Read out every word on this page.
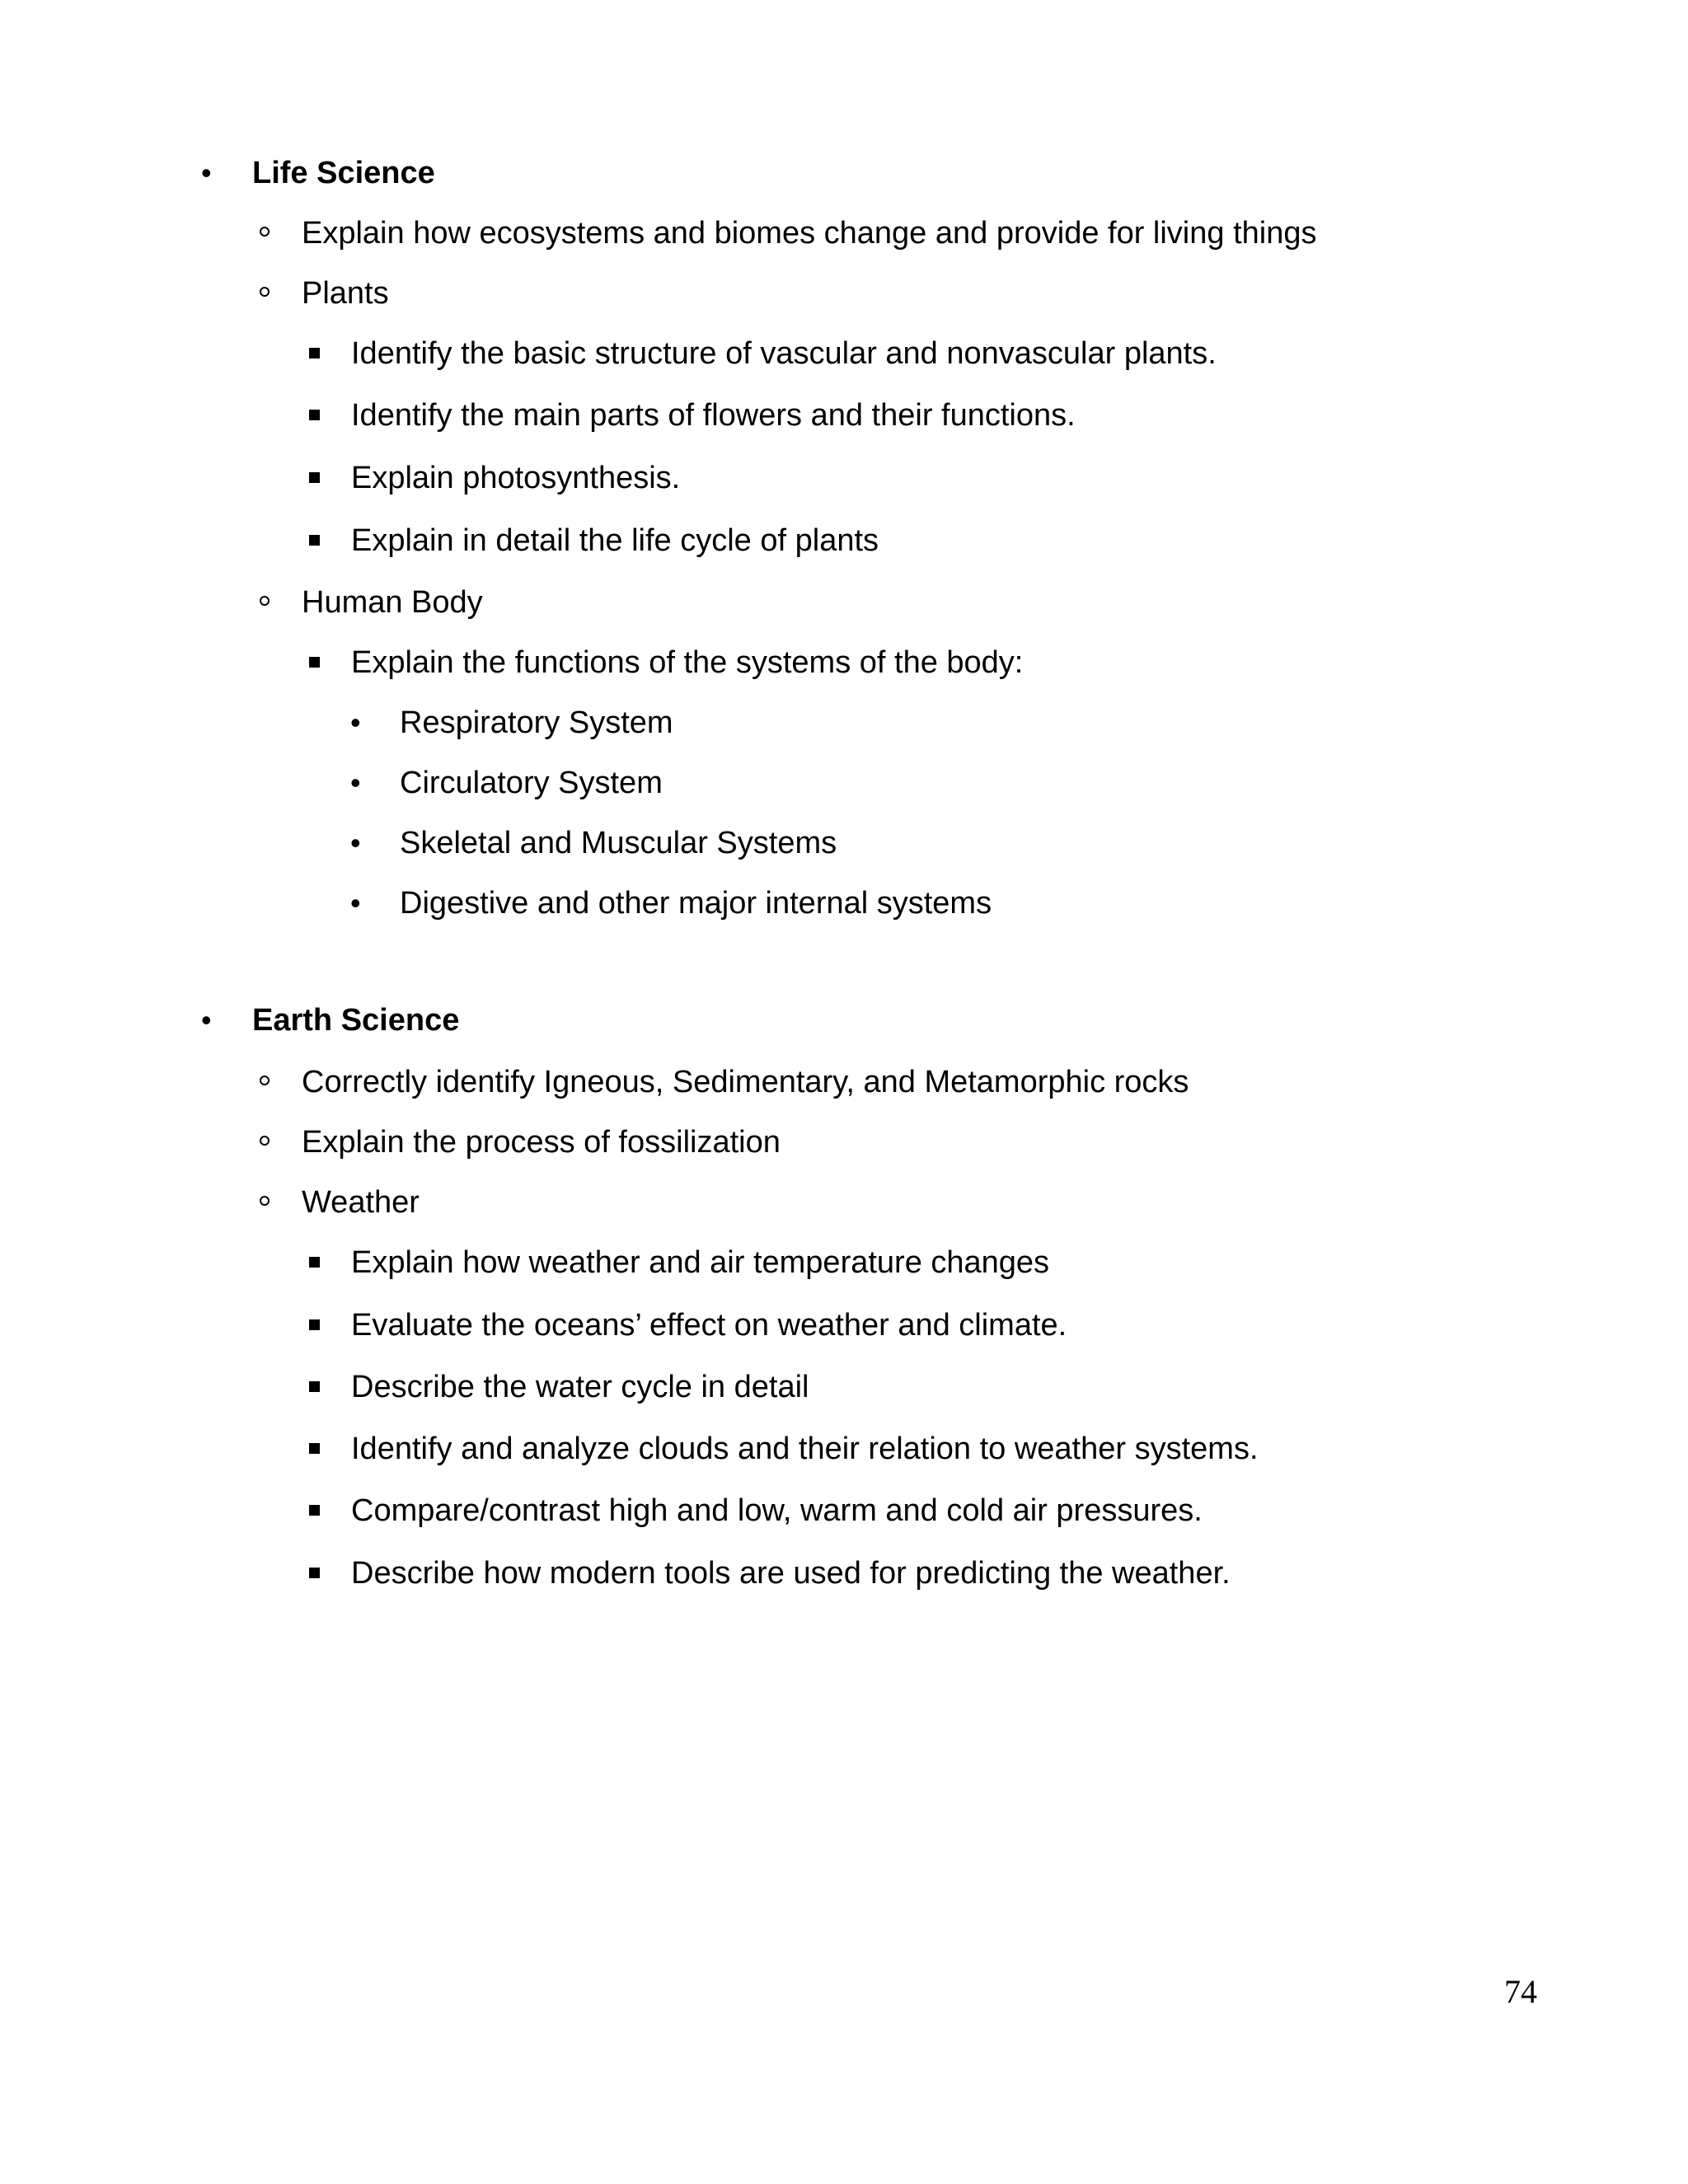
• Life Science
Explain how ecosystems and biomes change and provide for living things
Plants
Identify the basic structure of vascular and nonvascular plants.
Identify the main parts of flowers and their functions.
Explain photosynthesis.
Explain in detail the life cycle of plants
Human Body
Explain the functions of the systems of the body:
• Respiratory System
• Circulatory System
• Skeletal and Muscular Systems
• Digestive and other major internal systems
• Earth Science
Correctly identify Igneous, Sedimentary, and Metamorphic rocks
Explain the process of fossilization
Weather
Explain how weather and air temperature changes
Evaluate the oceans’ effect on weather and climate.
Describe the water cycle in detail
Identify and analyze clouds and their relation to weather systems.
Compare/contrast high and low, warm and cold air pressures.
Describe how modern tools are used for predicting the weather.
74
